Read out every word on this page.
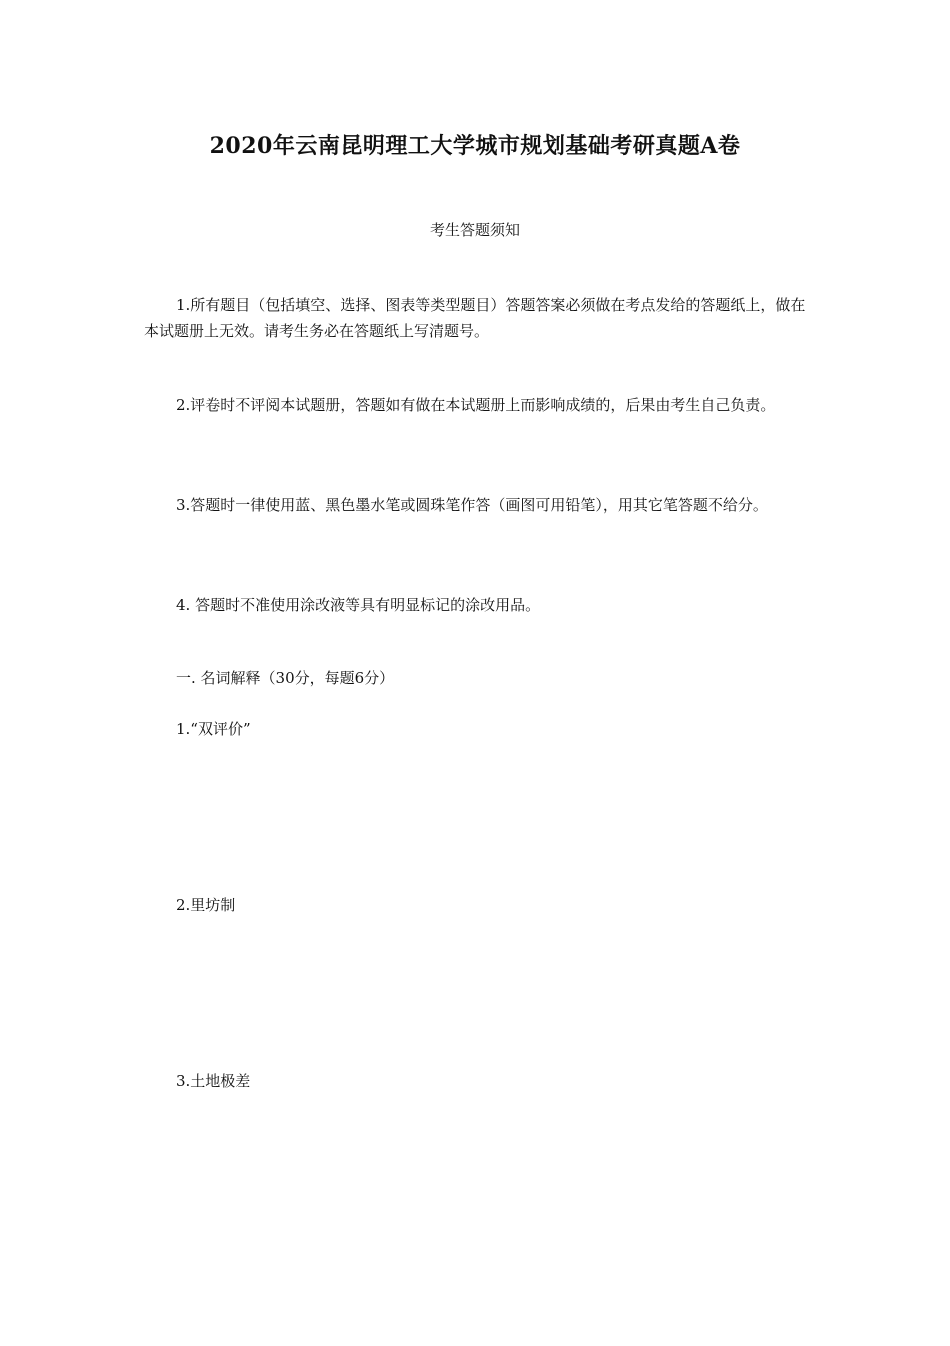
2020年云南昆明理工大学城市规划基础考研真题A卷

考生答题须知

1.所有题目（包括填空、选择、图表等类型题目）答题答案必须做在考点发给的答题纸上，做在本试题册上无效。请考生务必在答题纸上写清题号。

2.评卷时不评阅本试题册，答题如有做在本试题册上而影响成绩的，后果由考生自己负责。

3.答题时一律使用蓝、黑色墨水笔或圆珠笔作答（画图可用铅笔），用其它笔答题不给分。

4. 答题时不准使用涂改液等具有明显标记的涂改用品。

一. 名词解释（30分，每题6分）

1.“双评价”

2.里坊制

3.土地极差
